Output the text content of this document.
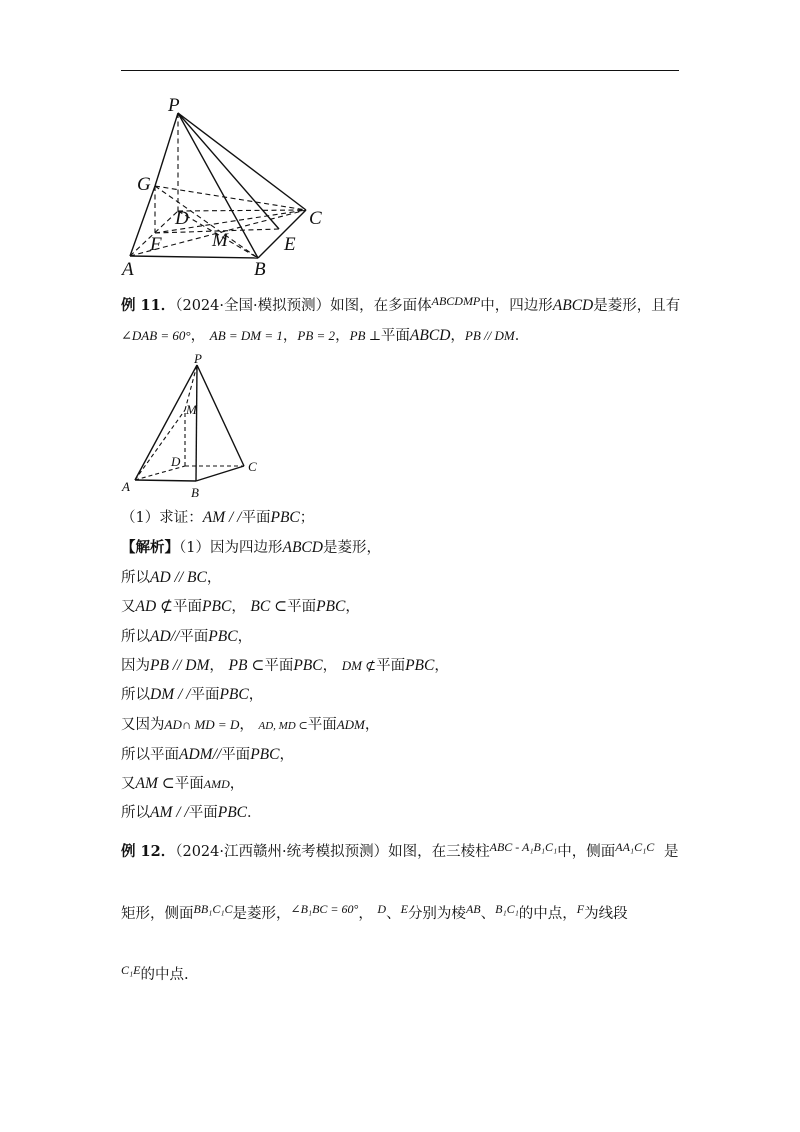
P
G
D	C
F	M	E
A	B
例 11．（2024·全国·模拟预测）如图，在多面体$^{ABCDMP}$中，四边形ABCD是菱形，且有
∠DAB = 60°， AB = DM = 1，PB = 2，PB ⊥平面ABCD，PB // DM．
P
M
D	C
A	B
（1）求证：AM / /平面PBC；
【解析】（1）因为四边形ABCD是菱形，
所以AD // BC，
又AD ⊄平面PBC， BC ⊂平面PBC，
所以AD//平面PBC，
因为PB // DM， PB ⊂平面PBC， DM ⊄平面PBC，
所以DM / /平面PBC，
又因为AD∩ MD = D， AD, MD ⊂平面ADM，
所以平面ADM//平面PBC，
又AM ⊂平面AMD，
所以AM / /平面PBC．
例 12．（2024·江西赣州·统考模拟预测）如图，在三棱柱$^{ABC - A_1B_1C_1}$中，侧面$^{AA_1C_1C}$ 是
矩形，侧面$^{BB_1C_1C}$是菱形，$^{\angle B_1BC = 60^\circ}$， $^D$、$^E$分别为棱$^{AB}$、$^{B_1C_1}$的中点，$^F$为线段
$^{C_1E}$的中点.
